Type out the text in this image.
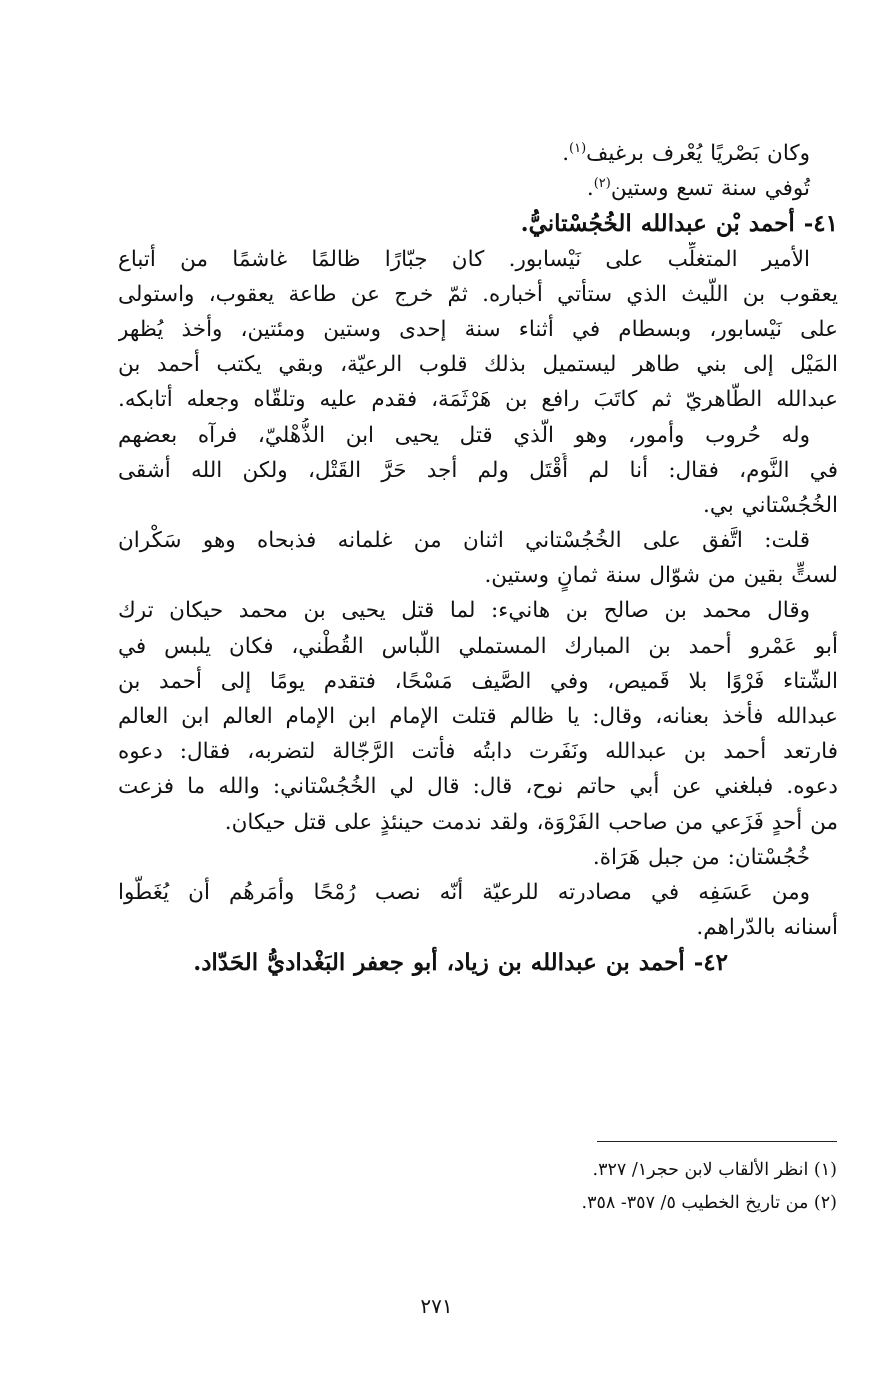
وكان بَصْريًا يُعْرف برغيف$^{(١)}$.
تُوفي سنة تسع وستين$^{(٢)}$.
٤١- أحمد بْن عبدالله الخُجُسْتانيُّ.
الأمير المتغلِّب على نَيْسابور. كان جبّارًا ظالمًا غاشمًا من أتباع
يعقوب بن اللَّيث الذي ستأتي أخباره. ثمّ خرج عن طاعة يعقوب، واستولى
على نَيْسابور، وبسطام في أثناء سنة إحدى وستين ومئتين، وأخذ يُظهر
المَيْل إلى بني طاهر ليستميل بذلك قلوب الرعيّة، وبقي يكتب أحمد بن
عبدالله الطّاهريّ ثم كاتَبَ رافع بن هَرْثَمَة، فقدم عليه وتلقّاه وجعله أتابكه.
وله حُروب وأمور، وهو الّذي قتل يحيى ابن الذُّهْليّ، فرآه بعضهم
في النَّوم، فقال: أنا لم أُقْتَل ولم أجد حَرَّ القَتْل، ولكن الله أشقى
الخُجُسْتاني بي.
قلت: اتَّفق على الخُجُسْتاني اثنان من غلمانه فذبحاه وهو سَكْران
لستٍّ بقين من شوّال سنة ثمانٍ وستين.
وقال محمد بن صالح بن هانيء: لما قتل يحيى بن محمد حيكان ترك
أبو عَمْرو أحمد بن المبارك المستملي اللّباس القُطْني، فكان يلبس في
الشّتاء فَرْوًا بلا قَميص، وفي الصَّيف مَسْحًا، فتقدم يومًا إلى أحمد بن
عبدالله فأخذ بعنانه، وقال: يا ظالم قتلت الإمام ابن الإمام العالم ابن العالم
فارتعد أحمد بن عبدالله ونَفَرت دابتُه فأتت الرَّجّالة لتضربه، فقال: دعوه
دعوه. فبلغني عن أبي حاتم نوح، قال: قال لي الخُجُسْتاني: والله ما فزعت
من أحدٍ فَزَعي من صاحب الفَرْوَة، ولقد ندمت حينئذٍ على قتل حيكان.
خُجُسْتان: من جبل هَرَاة.
ومن عَسَفِه في مصادرته للرعيّة أنّه نصب رُمْحًا وأمَرهُم أن يُغَطّوا
أسنانه بالدّراهم.
٤٢- أحمد بن عبدالله بن زياد، أبو جعفر البَغْداديُّ الحَدّاد.
(١) انظر الألقاب لابن حجر١/ ٣٢٧.
(٢) من تاريخ الخطيب ٥/ ٣٥٧- ٣٥٨.
٢٧١
